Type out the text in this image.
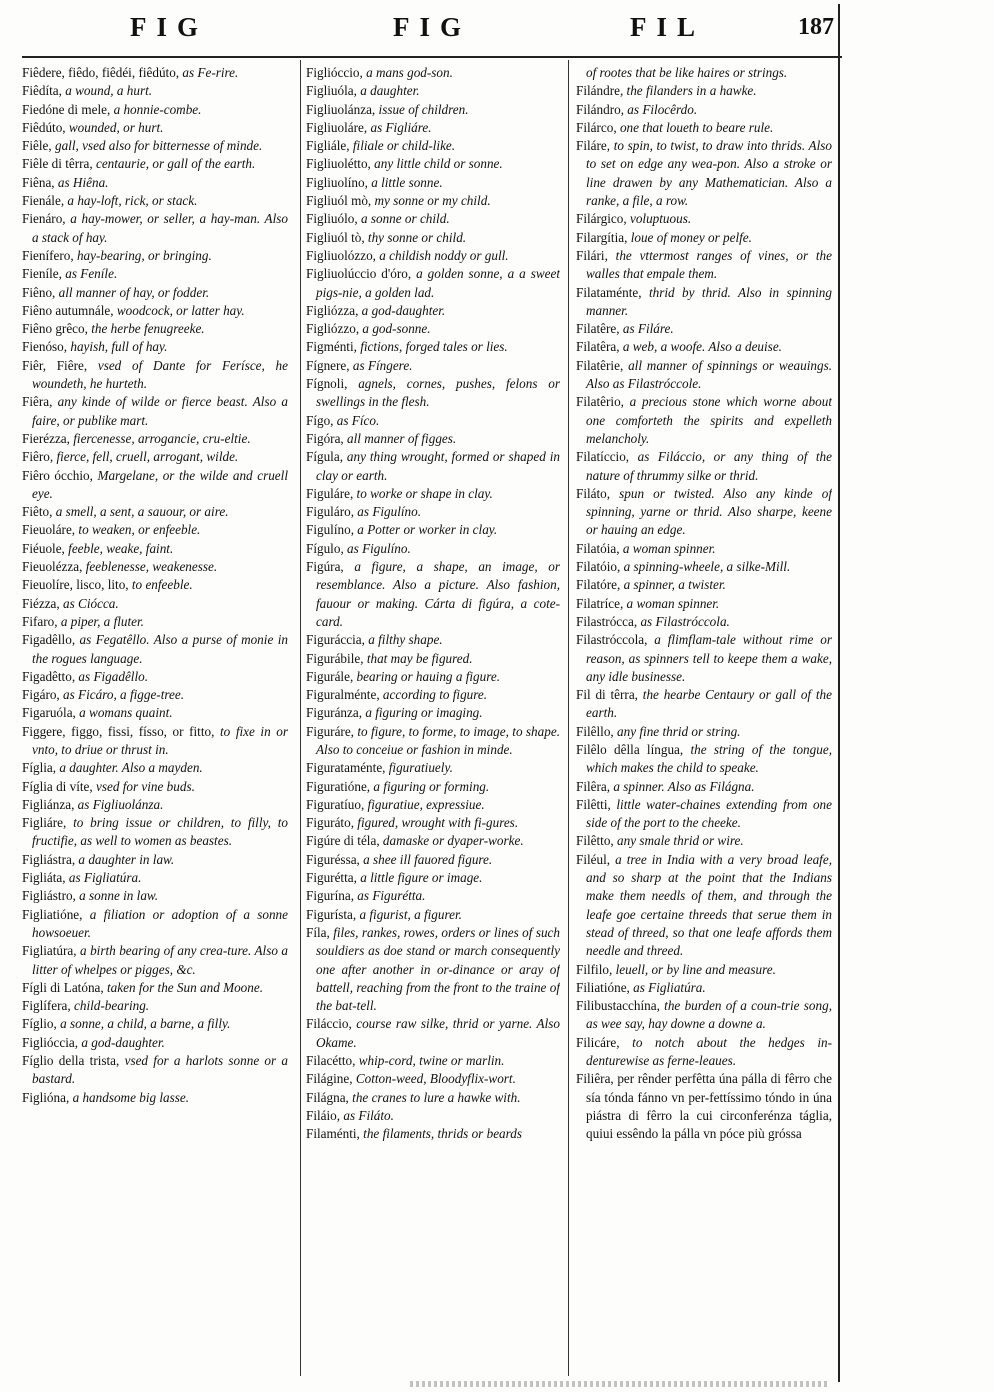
FIG	FIG	FIL	187

Fiêdere, fiêdo, fiêdéi, fiêdúto, as Fe-rire.

Fiêdíta, a wound, a hurt.

Fiedóne di mele, a honnie-combe.

Fiêdúto, wounded, or hurt.

Fiêle, gall, vsed also for bitternesse of minde.

Fiêle di têrra, centaurie, or gall of the earth.

Fiêna, as Hiêna.

Fienále, a hay-loft, rick, or stack.

Fienáro, a hay-mower, or seller, a hay-man. Also a stack of hay.

Fienífero, hay-bearing, or bringing.

Fieníle, as Feníle.

Fiêno, all manner of hay, or fodder.

Fiêno autumnále, woodcock, or latter hay.

Fiêno grêco, the herbe fenugreeke.

Fienóso, hayish, full of hay.

Fiêr, Fiêre, vsed of Dante for Feríscе, he woundeth, he hurteth.

Fiêra, any kinde of wilde or fierce beast. Also a faire, or publike mart.

Fierézza, fiercenesse, arrogancie, cru-eltie.

Fiêro, fierce, fell, cruell, arrogant, wilde.

Fiêro ócchio, Margelane, or the wilde and cruell eye.

Fiêto, a smell, a sent, a sauour, or aire.

Fieuoláre, to weaken, or enfeeble.

Fiéuole, feeble, weake, faint.

Fieuolézza, feeblenesse, weakenesse.

Fieuolíre, lisco, lito, to enfeeble.

Fiézza, as Ciócca.

Fifaro, a piper, a fluter.

Figadêllo, as Fegatêllo. Also a purse of monie in the rogues language.

Figadêtto, as Figadêllo.

Figáro, as Ficáro, a figge-tree.

Figaruóla, a womans quaint.

Figgere, figgo, fissi, físso, or fitto, to fixe in or vnto, to driue or thrust in.

Fíglia, a daughter. Also a mayden.

Fíglia di víte, vsed for vine buds.

Figliánza, as Figliuolánza.

Figliáre, to bring issue or children, to filly, to fructifie, as well to women as beastes.

Figliástra, a daughter in law.

Figliáta, as Figliatúra.

Figliástro, a sonne in law.

Figliatióne, a filiation or adoption of a sonne howsoeuer.

Figliatúra, a birth bearing of any crea-ture. Also a litter of whelpes or pigges, &c.

Fígli di Latóna, taken for the Sun and Moone.

Figlífera, child-bearing.

Fíglio, a sonne, a child, a barne, a filly.

Figlióccia, a god-daughter.

Fíglio della trista, vsed for a harlots sonne or a bastard.

Figlióna, a handsome big lasse.

Figlióccio, a mans god-son.

Figliuóla, a daughter.

Figliuolánza, issue of children.

Figliuoláre, as Figliáre.

Figliále, filiale or child-like.

Figliuolétto, any little child or sonne.

Figliuolíno, a little sonne.

Figliuól mò, my sonne or my child.

Figliuólo, a sonne or child.

Figliuól tò, thy sonne or child.

Figliuolózzo, a childish noddy or gull.

Figliuolúccio d'óro, a golden sonne, a a sweet pigs-nie, a golden lad.

Figliózza, a god-daughter.

Figliózzo, a god-sonne.

Figménti, fictions, forged tales or lies.

Fígnere, as Fíngere.

Fígnoli, agnels, cornes, pushes, felons or swellings in the flesh.

Fígo, as Fíco.

Figóra, all manner of figges.

Fígula, any thing wrought, formed or shaped in clay or earth.

Figuláre, to worke or shape in clay.

Figuláro, as Figulíno.

Figulíno, a Potter or worker in clay.

Fígulo, as Figulíno.

Figúra, a figure, a shape, an image, or resemblance. Also a picture. Also fashion, fauour or making. Cárta di figúra, a cote-card.

Figuráccia, a filthy shape.

Figurábile, that may be figured.

Figurále, bearing or hauing a figure.

Figuralménte, according to figure.

Figuránza, a figuring or imaging.

Figuráre, to figure, to forme, to image, to shape. Also to conceiue or fashion in minde.

Figurataménte, figuratiuely.

Figuratióne, a figuring or forming.

Figuratíuo, figuratiue, expressiue.

Figuráto, figured, wrought with fi-gures.

Figúre di téla, damaske or dyaper-worke.

Figuréssa, a shee ill fauored figure.

Figurétta, a little figure or image.

Figurína, as Figurétta.

Figurísta, a figurist, a figurer.

Fíla, files, rankes, rowes, orders or lines of such souldiers as doe stand or march consequently one after another in or-dinance or aray of battell, reaching from the front to the traine of the bat-tell.

Filáccio, course raw silke, thrid or yarne. Also Okame.

Filacétto, whip-cord, twine or marlin.

Filágine, Cotton-weed, Bloodyflix-wort.

Filágna, the cranes to lure a hawke with.

Filáio, as Filáto.

Filaménti, the filaments, thrids or beards

of rootes that be like haires or strings.

Filándre, the filanders in a hawke.

Filándro, as Filocêrdo.

Filárco, one that loueth to beare rule.

Filáre, to spin, to twist, to draw into thrids. Also to set on edge any wea-pon. Also a stroke or line drawen by any Mathematician. Also a ranke, a file, a row.

Filárgico, voluptuous.

Filargítia, loue of money or pelfe.

Filári, the vttermost ranges of vines, or the walles that empale them.

Filataménte, thrid by thrid. Also in spinning manner.

Filatêre, as Filáre.

Filatêra, a web, a woofe. Also a deuise.

Filatêrie, all manner of spinnings or weauings. Also as Filastróccole.

Filatêrio, a precious stone which worne about one comforteth the spirits and expelleth melancholy.

Filatíccio, as Filáccio, or any thing of the nature of thrummy silke or thrid.

Filáto, spun or twisted. Also any kinde of spinning, yarne or thrid. Also sharpe, keene or hauing an edge.

Filatóia, a woman spinner.

Filatóio, a spinning-wheele, a silke-Mill.

Filatóre, a spinner, a twister.

Filatríce, a woman spinner.

Filastrócca, as Filastróccola.

Filastróccola, a flimflam-tale without rime or reason, as spinners tell to keepe them a wake, any idle businesse.

Fil di têrra, the hearbe Centaury or gall of the earth.

Filêllo, any fine thrid or string.

Filêlo dêlla língua, the string of the tongue, which makes the child to speake.

Filêra, a spinner. Also as Filágna.

Filêtti, little water-chaines extending from one side of the port to the cheeke.

Filêtto, any smale thrid or wire.

Filéul, a tree in India with a very broad leafe, and so sharp at the point that the Indians make them needls of them, and through the leafe goe certaine threeds that serue them in stead of threed, so that one leafe affords them needle and threed.

Filfilo, leuell, or by line and measure.

Filiatióne, as Figliatúra.

Filibustacchína, the burden of a coun-trie song, as wee say, hay downe a downe a.

Filicáre, to notch about the hedges in-denturewise as ferne-leaues.

Filiêra, per rênder perfêtta úna pálla di fêrro che sía tónda fánno vn per-fettíssimo tóndo in úna piástra di fêrro la cui circonferénza táglia, quiui essêndo la pálla vn póce più gróssa
